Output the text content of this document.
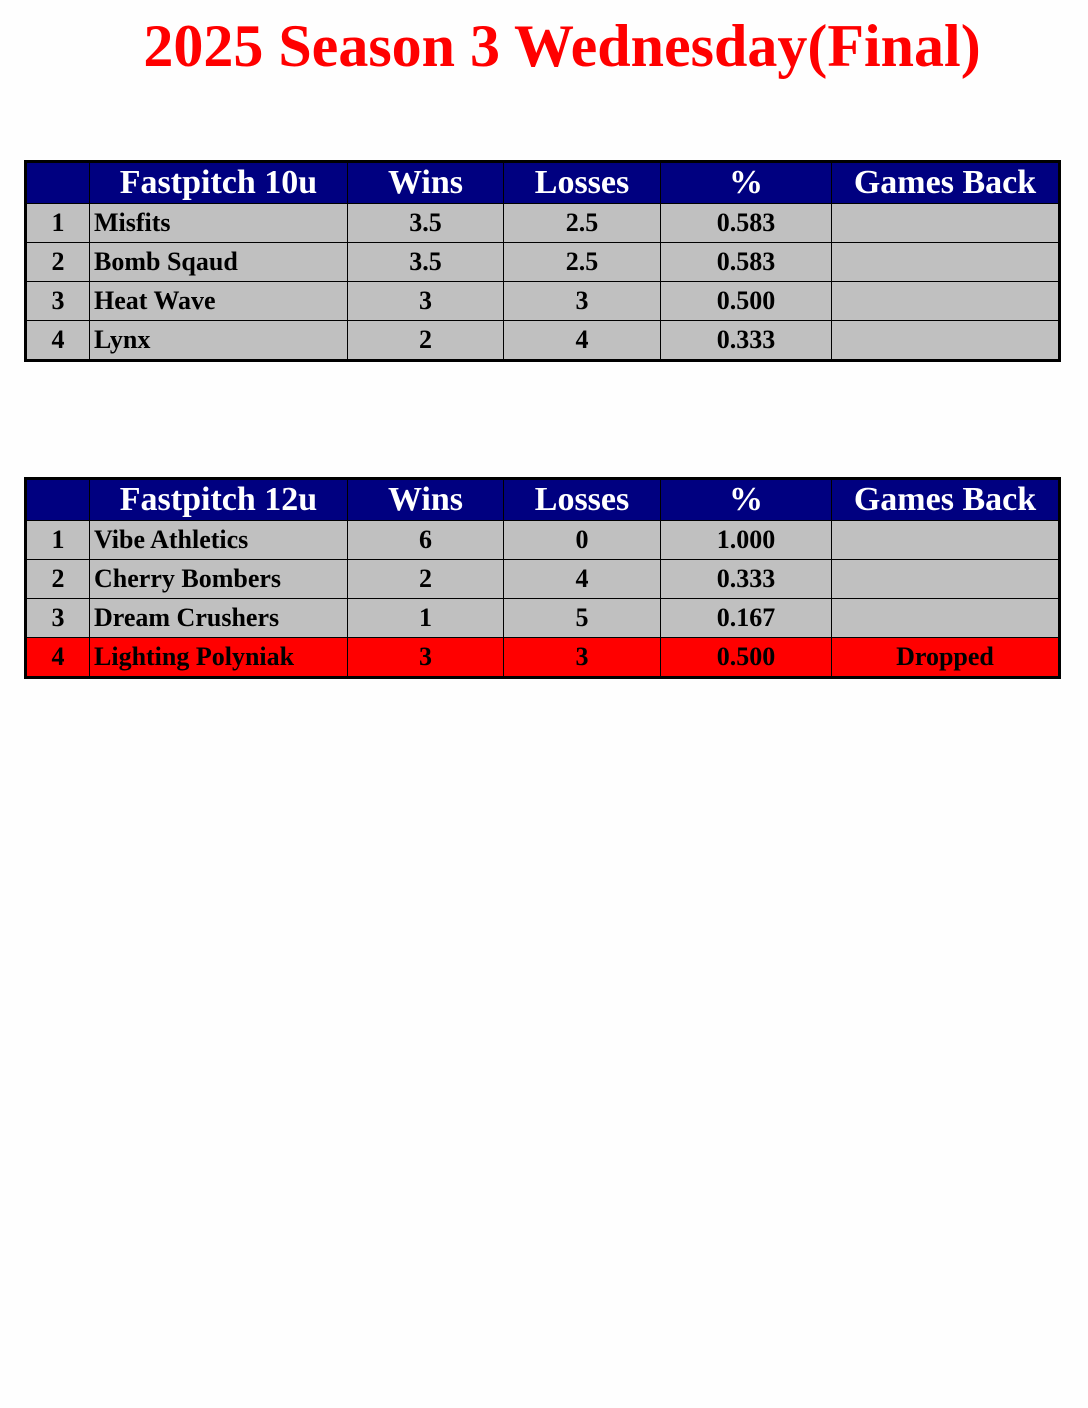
2025 Season 3 Wednesday(Final)
	Fastpitch 10u	Wins	Losses	%	Games Back
1	Misfits	3.5	2.5	0.583	
2	Bomb Sqaud	3.5	2.5	0.583	
3	Heat Wave	3	3	0.500	
4	Lynx	2	4	0.333	
	Fastpitch 12u	Wins	Losses	%	Games Back
1	Vibe Athletics	6	0	1.000	
2	Cherry Bombers	2	4	0.333	
3	Dream Crushers	1	5	0.167	
4	Lighting Polyniak	3	3	0.500	Dropped
